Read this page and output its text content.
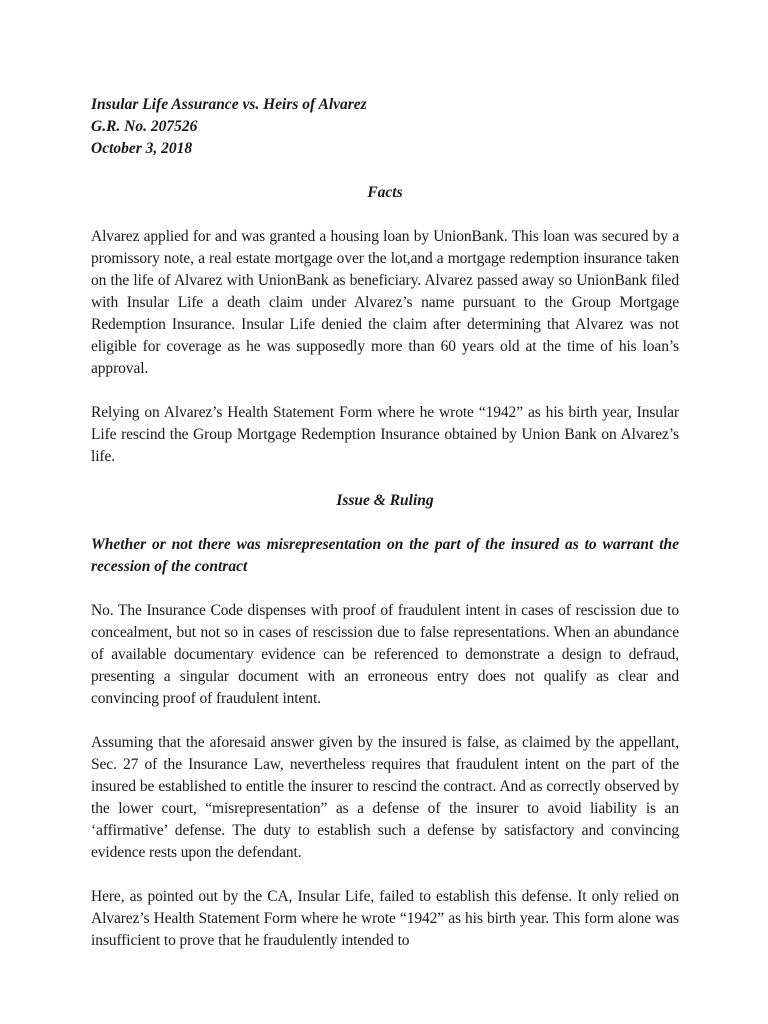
Insular Life Assurance vs. Heirs of Alvarez

G.R. No. 207526

October 3, 2018

Facts

Alvarez applied for and was granted a housing loan by UnionBank. This loan was secured by a promissory note, a real estate mortgage over the lot,and a mortgage redemption insurance taken on the life of Alvarez with UnionBank as beneficiary. Alvarez passed away so UnionBank filed with Insular Life a death claim under Alvarez’s name pursuant to the Group Mortgage Redemption Insurance. Insular Life denied the claim after determining that Alvarez was not eligible for coverage as he was supposedly more than 60 years old at the time of his loan’s approval.

Relying on Alvarez’s Health Statement Form where he wrote “1942” as his birth year, Insular Life rescind the Group Mortgage Redemption Insurance obtained by Union Bank on Alvarez’s life.

Issue & Ruling

Whether or not there was misrepresentation on the part of the insured as to warrant the recession of the contract

No. The Insurance Code dispenses with proof of fraudulent intent in cases of rescission due to concealment, but not so in cases of rescission due to false representations. When an abundance of available documentary evidence can be referenced to demonstrate a design to defraud, presenting a singular document with an erroneous entry does not qualify as clear and convincing proof of fraudulent intent.

Assuming that the aforesaid answer given by the insured is false, as claimed by the appellant, Sec. 27 of the Insurance Law, nevertheless requires that fraudulent intent on the part of the insured be established to entitle the insurer to rescind the contract. And as correctly observed by the lower court, “misrepresentation” as a defense of the insurer to avoid liability is an ‘affirmative’ defense. The duty to establish such a defense by satisfactory and convincing evidence rests upon the defendant.

Here, as pointed out by the CA, Insular Life, failed to establish this defense. It only relied on Alvarez’s Health Statement Form where he wrote “1942” as his birth year. This form alone was insufficient to prove that he fraudulently intended to
